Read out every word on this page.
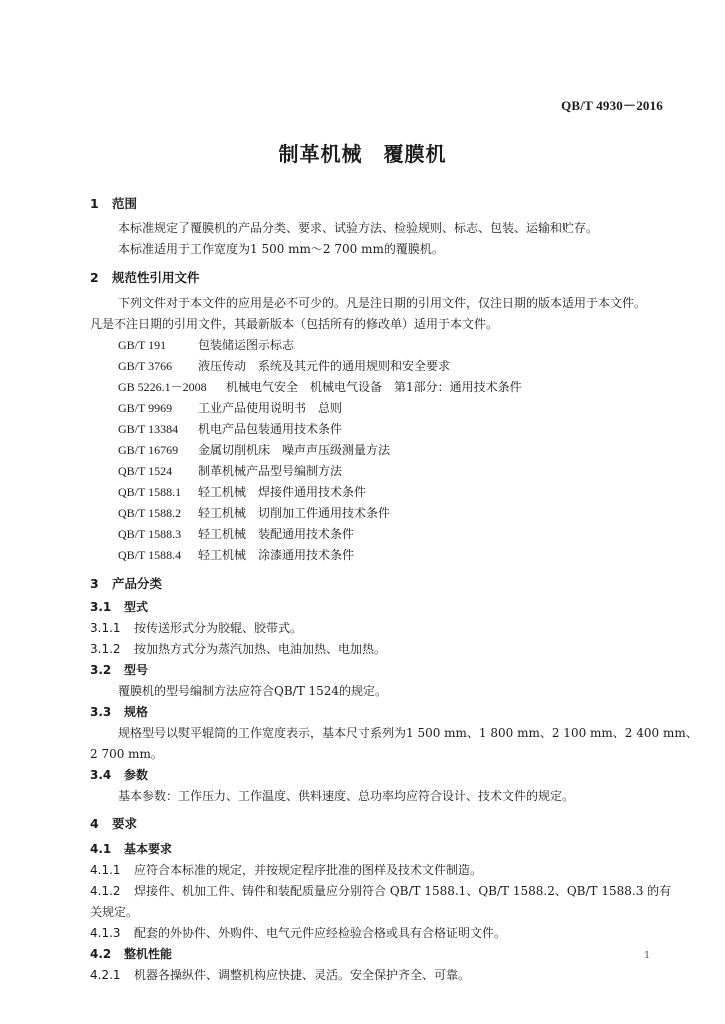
QB/T 4930－2016
制革机械　覆膜机
1 范围
本标准规定了覆膜机的产品分类、要求、试验方法、检验规则、标志、包装、运输和贮存。
本标准适用于工作宽度为1 500 mm～2 700 mm的覆膜机。
2 规范性引用文件
下列文件对于本文件的应用是必不可少的。凡是注日期的引用文件，仅注日期的版本适用于本文件。
凡是不注日期的引用文件，其最新版本（包括所有的修改单）适用于本文件。
GB/T 191	包装储运图示标志
GB/T 3766 液压传动　系统及其元件的通用规则和安全要求
GB 5226.1－2008 机械电气安全　机械电气设备　第1部分：通用技术条件
GB/T 9969 工业产品使用说明书　总则
GB/T 13384 机电产品包装通用技术条件
GB/T 16769 金属切削机床　噪声声压级测量方法
QB/T 1524 制革机械产品型号编制方法
QB/T 1588.1 轻工机械　焊接件通用技术条件
QB/T 1588.2 轻工机械　切削加工件通用技术条件
QB/T 1588.3 轻工机械　装配通用技术条件
QB/T 1588.4 轻工机械　涂漆通用技术条件
3 产品分类
3.1 型式
3.1.1 按传送形式分为胶辊、胶带式。
3.1.2 按加热方式分为蒸汽加热、电油加热、电加热。
3.2 型号
覆膜机的型号编制方法应符合QB/T 1524的规定。
3.3 规格
规格型号以熨平辊筒的工作宽度表示，基本尺寸系列为1 500 mm、1 800 mm、2 100 mm、2 400 mm、
2 700 mm。
3.4 参数
基本参数：工作压力、工作温度、供料速度、总功率均应符合设计、技术文件的规定。
4 要求
4.1 基本要求
4.1.1 应符合本标准的规定，并按规定程序批准的图样及技术文件制造。
4.1.2 焊接件、机加工件、铸件和装配质量应分别符合 QB/T 1588.1、QB/T 1588.2、QB/T 1588.3 的有
关规定。
4.1.3 配套的外协件、外购件、电气元件应经检验合格或具有合格证明文件。
4.2 整机性能
4.2.1 机器各操纵件、调整机构应快捷、灵活。安全保护齐全、可靠。
1
